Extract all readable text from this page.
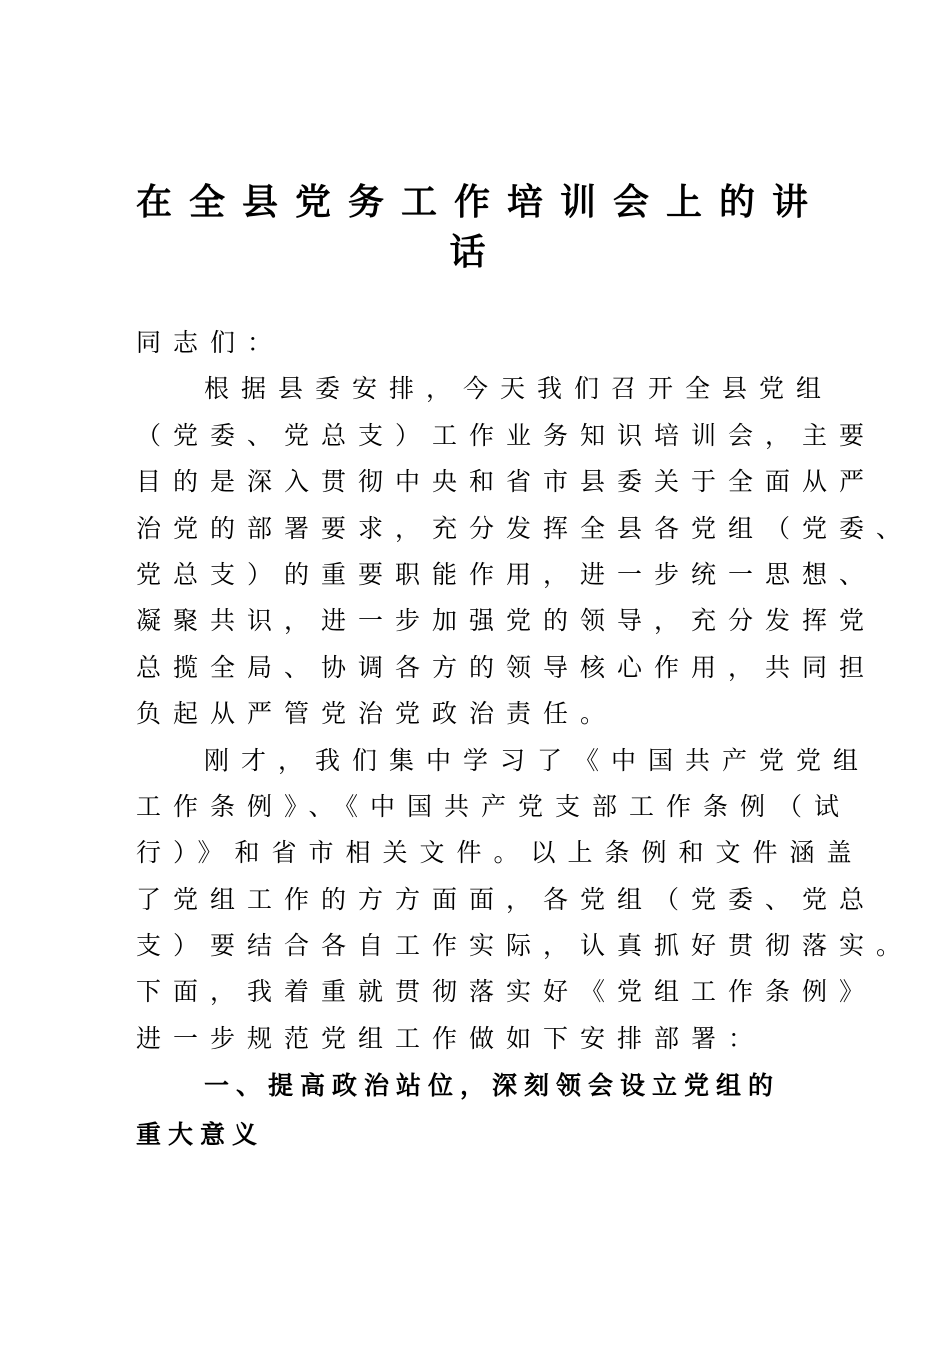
在全县党务工作培训会上的讲
话
同志们：
根据县委安排，今天我们召开全县党组
（党委、党总支）工作业务知识培训会，主要
目的是深入贯彻中央和省市县委关于全面从严
治党的部署要求，充分发挥全县各党组（党委、
党总支）的重要职能作用，进一步统一思想、
凝聚共识，进一步加强党的领导，充分发挥党
总揽全局、协调各方的领导核心作用，共同担
负起从严管党治党政治责任。
刚才，我们集中学习了《中国共产党党组
工作条例》、《中国共产党支部工作条例（试
行）》和省市相关文件。以上条例和文件涵盖
了党组工作的方方面面，各党组（党委、党总
支）要结合各自工作实际，认真抓好贯彻落实。
下面，我着重就贯彻落实好《党组工作条例》
进一步规范党组工作做如下安排部署：
一、提高政治站位，深刻领会设立党组的
重大意义
